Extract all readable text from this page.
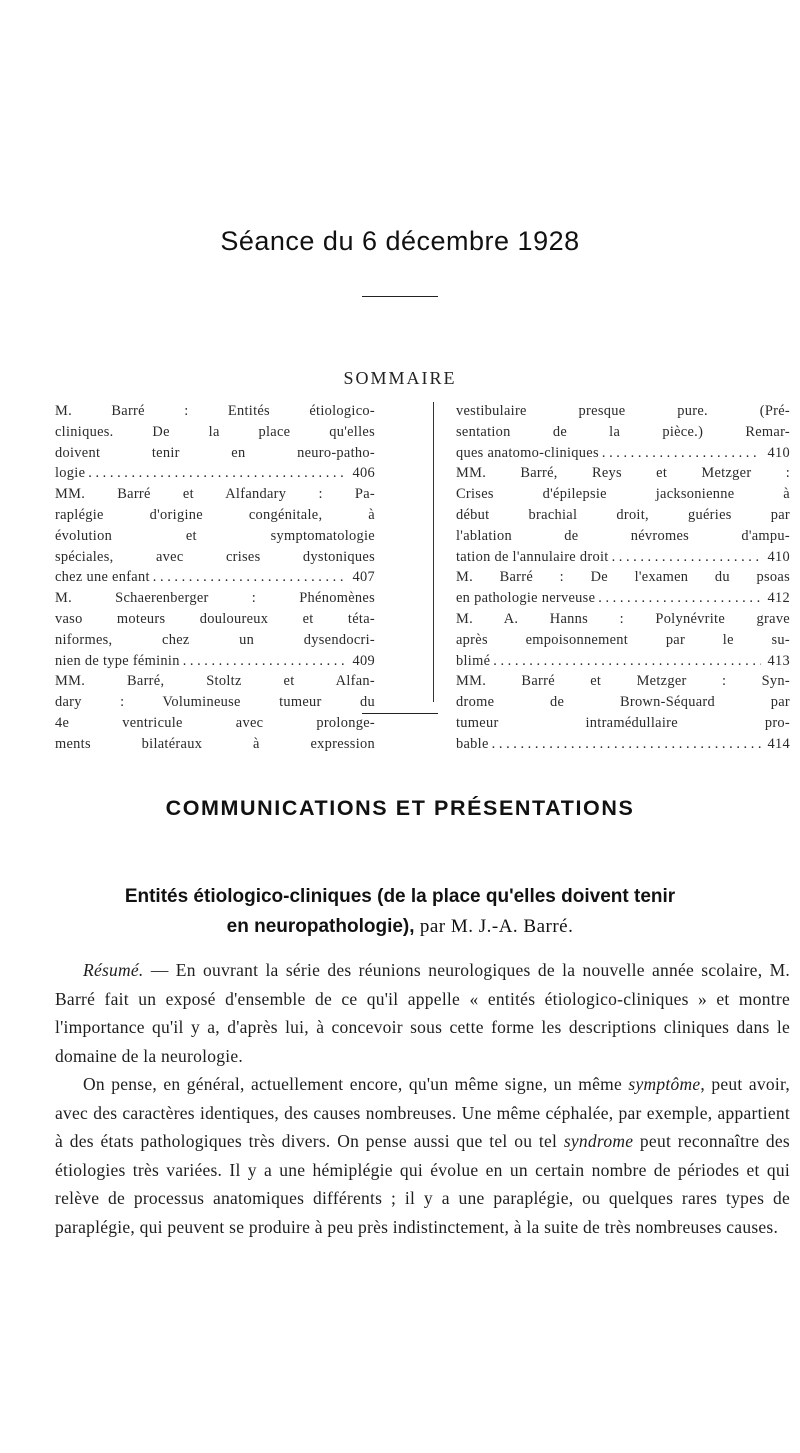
Séance du 6 décembre 1928
SOMMAIRE
M. Barré : Entités étiologico-
cliniques. De la place qu'elles
doivent tenir en neuro-patho-
logie . . .	406
MM. Barré et Alfandary : Pa-
raplégie d'origine congénitale, à
évolution et symptomatologie
spéciales, avec crises dystoniques
chez une enfant . . .	407
M. Schaerenberger : Phénomènes
vaso moteurs douloureux et téta-
niformes, chez un dysendocri-
nien de type féminin . . .	409
MM. Barré, Stoltz et Alfan-
dary : Volumineuse tumeur du
4e ventricule avec prolonge-
ments bilatéraux à expression
vestibulaire presque pure. (Pré-
sentation de la pièce.) Remar-
ques anatomo-cliniques . . .	410
MM. Barré, Reys et Metzger :
Crises d'épilepsie jacksonienne à
début brachial droit, guéries par
l'ablation de névromes d'ampu-
tation de l'annulaire droit . . .	410
M. Barré : De l'examen du psoas
en pathologie nerveuse . . .	412
M. A. Hanns : Polynévrite grave
après empoisonnement par le su-
blimé . . .	413
MM. Barré et Metzger : Syn-
drome de Brown-Séquard par
tumeur intramédullaire pro-
bable . . .	414
COMMUNICATIONS ET PRÉSENTATIONS
Entités étiologico-cliniques (de la place qu'elles doivent tenir
en neuropathologie), par M. J.-A. Barré.

Résumé. — En ouvrant la série des réunions neurologiques de la nouvelle année scolaire, M. Barré fait un exposé d'ensemble de ce qu'il appelle « entités étiologico-cliniques » et montre l'importance qu'il y a, d'après lui, à concevoir sous cette forme les descriptions cliniques dans le domaine de la neurologie.

On pense, en général, actuellement encore, qu'un même signe, un même symptôme, peut avoir, avec des caractères identiques, des causes nombreuses. Une même céphalée, par exemple, appartient à des états pathologiques très divers. On pense aussi que tel ou tel syndrome peut reconnaître des étiologies très variées. Il y a une hémiplégie qui évolue en un certain nombre de périodes et qui relève de processus anatomiques différents ; il y a une paraplégie, ou quelques rares types de paraplégie, qui peuvent se produire à peu près indistinctement, à la suite de très nombreuses causes.
